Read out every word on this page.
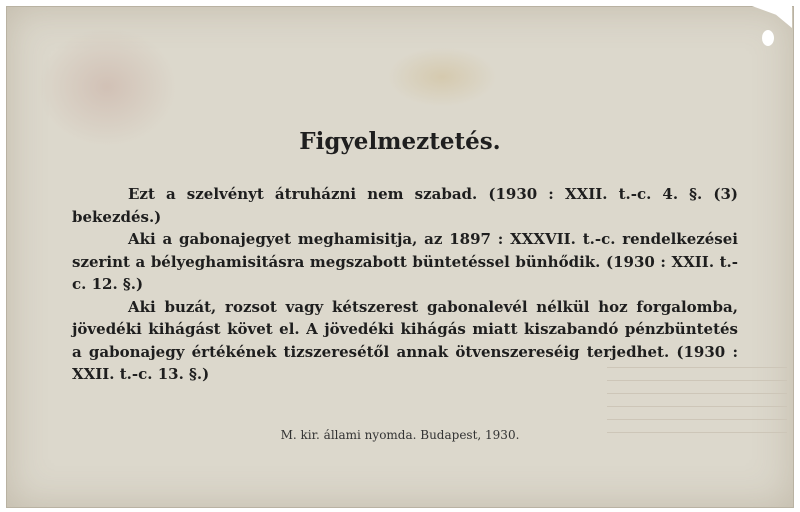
Figyelmeztetés.

Ezt a szelvényt átruházni nem szabad. (1930 : XXII. t.-c. 4. §. (3) bekezdés.)

Aki a gabonajegyet meghamisitja, az 1897 : XXXVII. t.-c. rendelkezései szerint a bélyeghamisitásra megszabott büntetéssel bünhődik. (1930 : XXII. t.-c. 12. §.)

Aki buzát, rozsot vagy kétszerest gabonalevél nélkül hoz forgalomba, jövedéki kihágást követ el. A jövedéki kihágás miatt kiszabandó pénzbüntetés a gabonajegy értékének tizszeresétől annak ötvenszereséig terjedhet. (1930 : XXII. t.-c. 13. §.)

M. kir. állami nyomda. Budapest, 1930.
